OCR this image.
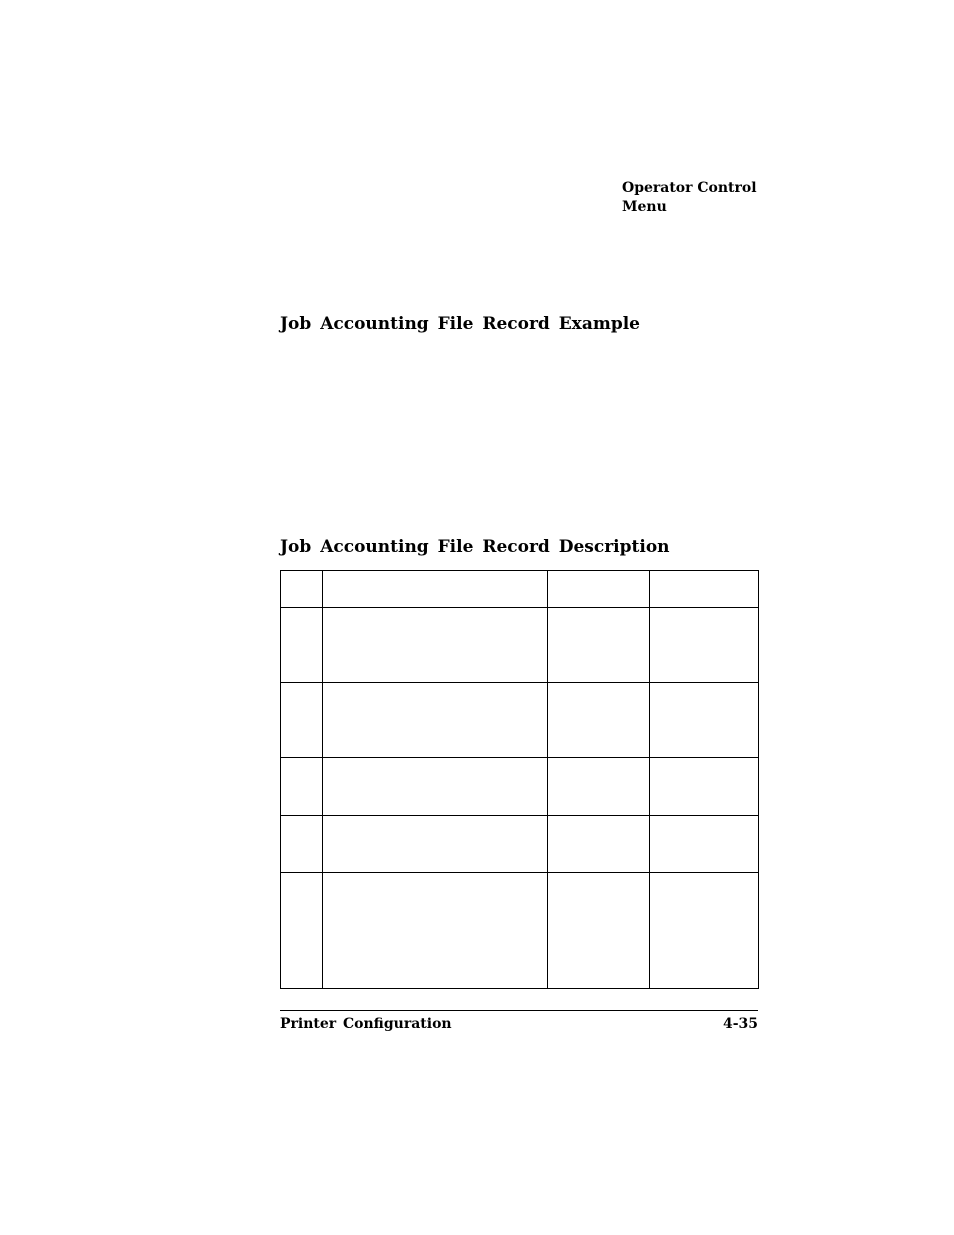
Operator Control
Menu
Job Accounting File Record Example
Job Accounting File Record Description

Printer Configuration	4-35
